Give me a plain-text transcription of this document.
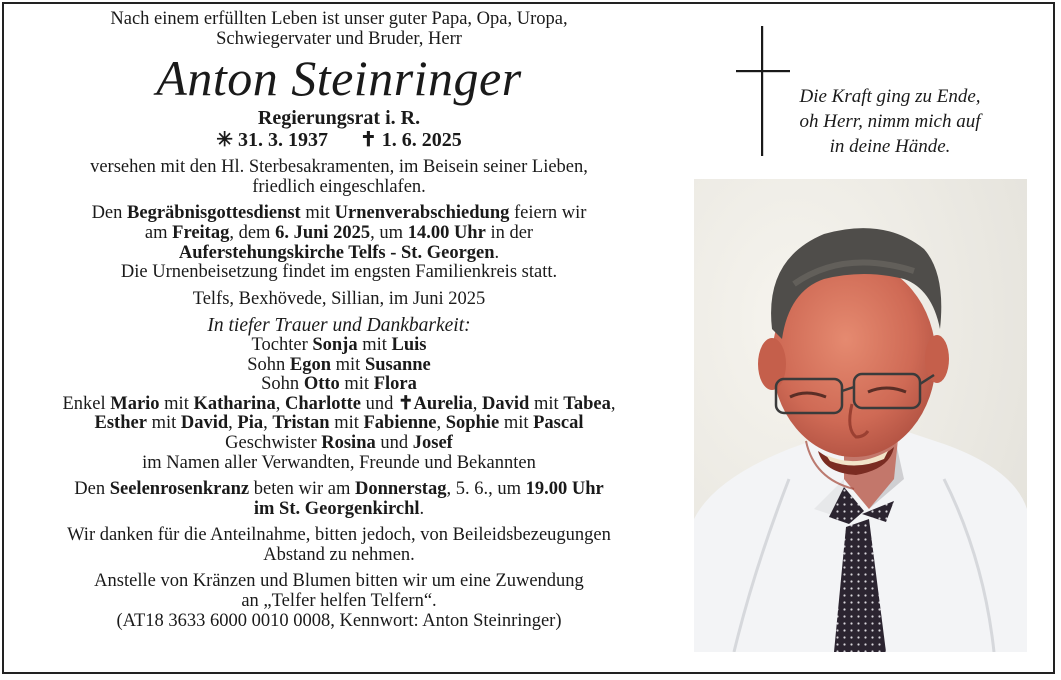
Nach einem erfüllten Leben ist unser guter Papa, Opa, Uropa,

Schwiegervater und Bruder, Herr

Anton Steinringer

Regierungsrat i. R.

✳ 31. 3. 1937 ✝ 1. 6. 2025

versehen mit den Hl. Sterbesakramenten, im Beisein seiner Lieben,

friedlich eingeschlafen.

Den Begräbnisgottesdienst mit Urnenverabschiedung feiern wir

am Freitag, dem 6. Juni 2025, um 14.00 Uhr in der

Auferstehungskirche Telfs - St. Georgen.

Die Urnenbeisetzung findet im engsten Familienkreis statt.

Telfs, Bexhövede, Sillian, im Juni 2025

In tiefer Trauer und Dankbarkeit:

Tochter Sonja mit Luis

Sohn Egon mit Susanne

Sohn Otto mit Flora

Enkel Mario mit Katharina, Charlotte und ✝Aurelia, David mit Tabea,

Esther mit David, Pia, Tristan mit Fabienne, Sophie mit Pascal

Geschwister Rosina und Josef

im Namen aller Verwandten, Freunde und Bekannten

Den Seelenrosenkranz beten wir am Donnerstag, 5. 6., um 19.00 Uhr

im St. Georgenkirchl.

Wir danken für die Anteilnahme, bitten jedoch, von Beileidsbezeugungen

Abstand zu nehmen.

Anstelle von Kränzen und Blumen bitten wir um eine Zuwendung

an „Telfer helfen Telfern“.

(AT18 3633 6000 0010 0008, Kennwort: Anton Steinringer)

Die Kraft ging zu Ende,
oh Herr, nimm mich auf
in deine Hände.
